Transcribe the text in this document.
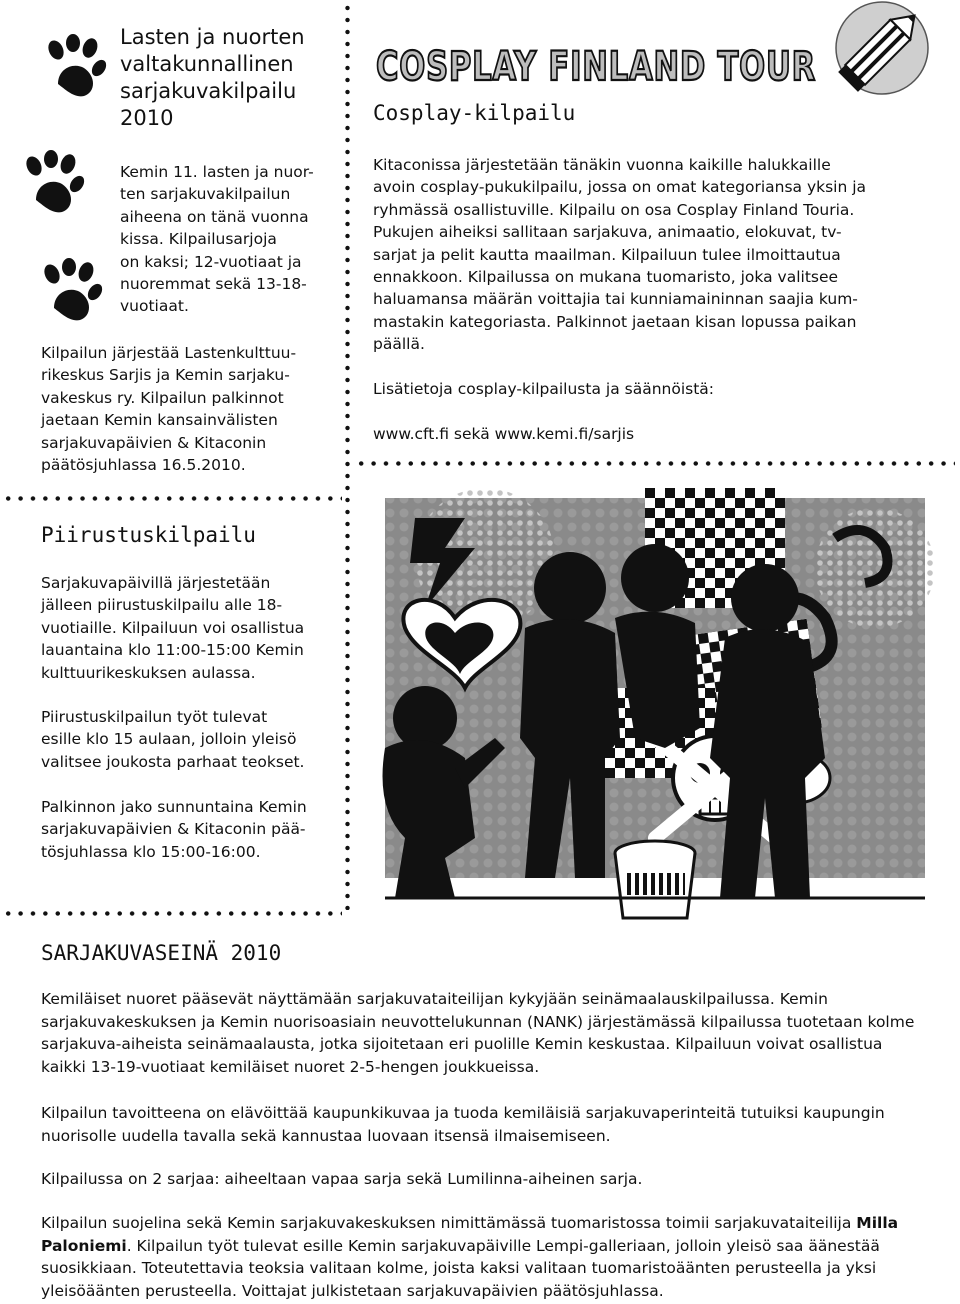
Lasten ja nuorten
valtakunnallinen
sarjakuvakilpailu
2010
Kemin 11. lasten ja nuor-
ten sarjakuvakilpailun
aiheena on tänä vuonna
kissa. Kilpailusarjoja
on kaksi; 12-vuotiaat ja
nuoremmat sekä 13-18-
vuotiaat.
Kilpailun järjestää Lastenkulttuu-
rikeskus Sarjis ja Kemin sarjaku-
vakeskus ry. Kilpailun palkinnot
jaetaan Kemin kansainvälisten
sarjakuvapäivien & Kitaconin
päätösjuhlassa 16.5.2010.
COSPLAY FINLAND TOUR
Cosplay-kilpailu
Kitaconissa järjestetään tänäkin vuonna kaikille halukkaille
avoin cosplay-pukukilpailu, jossa on omat kategoriansa yksin ja
ryhmässä osallistuville. Kilpailu on osa Cosplay Finland Touria.
Pukujen aiheiksi sallitaan sarjakuva, animaatio, elokuvat, tv-
sarjat ja pelit kautta maailman. Kilpailuun tulee ilmoittautua
ennakkoon. Kilpailussa on mukana tuomaristo, joka valitsee
haluamansa määrän voittajia tai kunniamaininnan saajia kum-
mastakin kategoriasta. Palkinnot jaetaan kisan lopussa paikan
päällä.
Lisätietoja cosplay-kilpailusta ja säännöistä:
www.cft.fi sekä www.kemi.fi/sarjis
Piirustuskilpailu
Sarjakuvapäivillä järjestetään
jälleen piirustuskilpailu alle 18-
vuotiaille. Kilpailuun voi osallistua
lauantaina klo 11:00-15:00 Kemin
kulttuurikeskuksen aulassa.
Piirustuskilpailun työt tulevat
esille klo 15 aulaan, jolloin yleisö
valitsee joukosta parhaat teokset.
Palkinnon jako sunnuntaina Kemin
sarjakuvapäivien & Kitaconin pää-
tösjuhlassa klo 15:00-16:00.
SARJAKUVASEINÄ 2010
Kemiläiset nuoret pääsevät näyttämään sarjakuvataiteilijan kykyjään seinämaalauskilpailussa. Kemin sarjakuvakeskuksen ja Kemin nuorisoasiain neuvottelukunnan (NANK) järjestämässä kilpailussa tuotetaan kolme sarjakuva-aiheista seinämaalausta, jotka sijoitetaan eri puolille Kemin keskustaa. Kilpailuun voivat osallistua kaikki 13-19-vuotiaat kemiläiset nuoret 2-5-hengen joukkueissa.
Kilpailun tavoitteena on elävöittää kaupunkikuvaa ja tuoda kemiläisiä sarjakuvaperinteitä tutuiksi kaupungin nuorisolle uudella tavalla sekä kannustaa luovaan itsensä ilmaisemiseen.
Kilpailussa on 2 sarjaa: aiheeltaan vapaa sarja sekä Lumilinna-aiheinen sarja.
Kilpailun suojelina sekä Kemin sarjakuvakeskuksen nimittämässä tuomaristossa toimii sarjakuvataiteilija Milla Paloniemi. Kilpailun työt tulevat esille Kemin sarjakuvapäiville Lempi-galleriaan, jolloin yleisö saa äänestää suosikkiaan. Toteutettavia teoksia valitaan kolme, joista kaksi valitaan tuomaristoäänten perusteella ja yksi yleisöäänten perusteella. Voittajat julkistetaan sarjakuvapäivien päätösjuhlassa.
